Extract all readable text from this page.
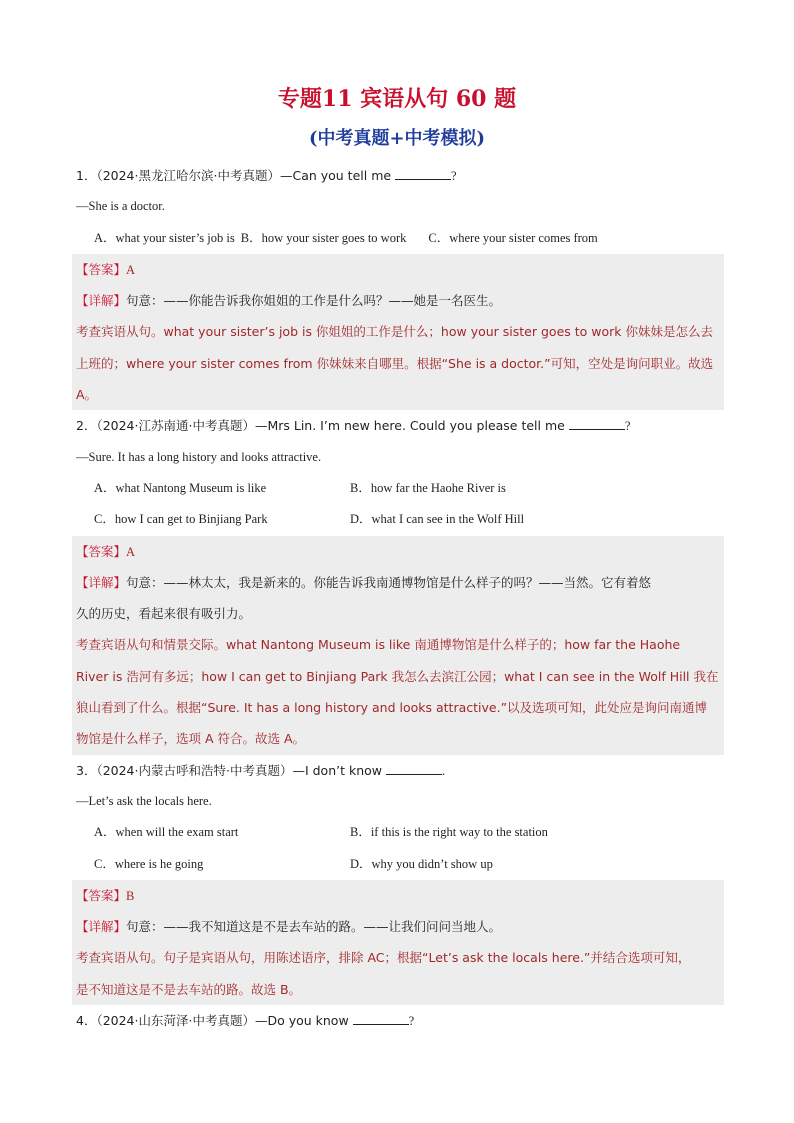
专题11 宾语从句 60 题
(中考真题+中考模拟)
1．（2024·黑龙江哈尔滨·中考真题）—Can you tell me	?
—She is a doctor.
A．what your sister’s job is B．how your sister goes to work C．where your sister comes from
【答案】A
【详解】句意：——你能告诉我你姐姐的工作是什么吗？——她是一名医生。
考查宾语从句。what your sister’s job is 你姐姐的工作是什么；how your sister goes to work 你妹妹是怎么去
上班的；where your sister comes from 你妹妹来自哪里。根据“She is a doctor.”可知，空处是询问职业。故选
A。
2．（2024·江苏南通·中考真题）—Mrs Lin. I’m new here. Could you please tell me	?
—Sure. It has a long history and looks attractive.
A．what Nantong Museum is like	B．how far the Haohe River is
C．how I can get to Binjiang Park	D．what I can see in the Wolf Hill
【答案】A
【详解】句意：——林太太，我是新来的。你能告诉我南通博物馆是什么样子的吗？——当然。它有着悠
久的历史，看起来很有吸引力。
考查宾语从句和情景交际。what Nantong Museum is like 南通博物馆是什么样子的；how far the Haohe
River is 浩河有多远；how I can get to Binjiang Park 我怎么去滨江公园；what I can see in the Wolf Hill 我在
狼山看到了什么。根据“Sure. It has a long history and looks attractive.”以及选项可知，此处应是询问南通博
物馆是什么样子，选项 A 符合。故选 A。
3．（2024·内蒙古呼和浩特·中考真题）—I don’t know	.
—Let’s ask the locals here.
A．when will the exam start	B．if this is the right way to the station
C．where is he going	D．why you didn’t show up
【答案】B
【详解】句意：——我不知道这是不是去车站的路。——让我们问问当地人。
考查宾语从句。句子是宾语从句，用陈述语序，排除 AC；根据“Let’s ask the locals here.”并结合选项可知，
是不知道这是不是去车站的路。故选 B。
4．（2024·山东菏泽·中考真题）—Do you know	?
